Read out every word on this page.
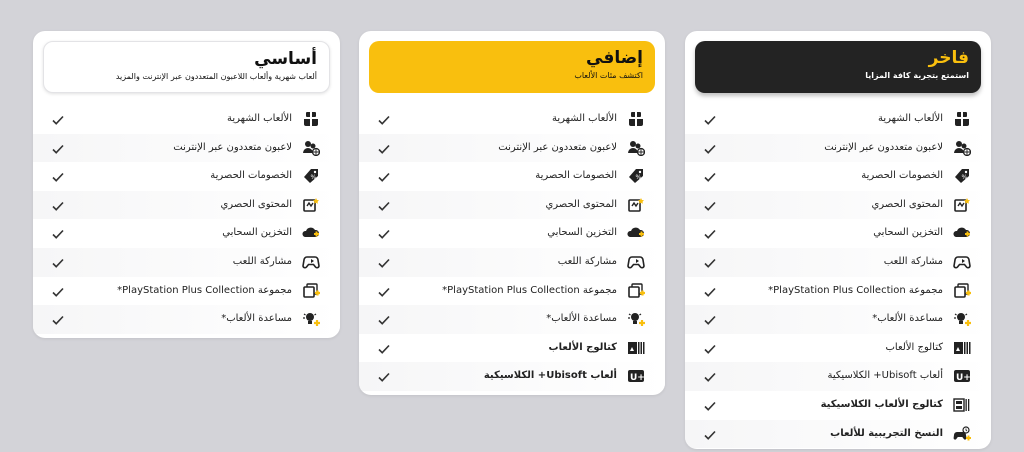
أساسي
ألعاب شهرية وألعاب اللاعبون المتعددون عبر الإنترنت والمزيد
الألعاب الشهرية
لاعبون متعددون عبر الإنترنت
الخصومات الحصرية	%
المحتوى الحصري
التخزين السحابي
مشاركة اللعب
مجموعة PlayStation Plus Collection*
مساعدة الألعاب*
إضافي
اكتشف مئات الألعاب
الألعاب الشهرية
لاعبون متعددون عبر الإنترنت
الخصومات الحصرية	%
المحتوى الحصري
التخزين السحابي
مشاركة اللعب
مجموعة PlayStation Plus Collection*
مساعدة الألعاب*
كتالوج الألعاب
ألعاب Ubisoft+ الكلاسيكية U+
فاخر
استمتع بتجربة كافة المزايا
الألعاب الشهرية
لاعبون متعددون عبر الإنترنت
الخصومات الحصرية	%
المحتوى الحصري
التخزين السحابي
مشاركة اللعب
مجموعة PlayStation Plus Collection*
مساعدة الألعاب*
كتالوج الألعاب
ألعاب Ubisoft+ الكلاسيكية U+
كتالوج الألعاب الكلاسيكية
النسخ التجريبية للألعاب
